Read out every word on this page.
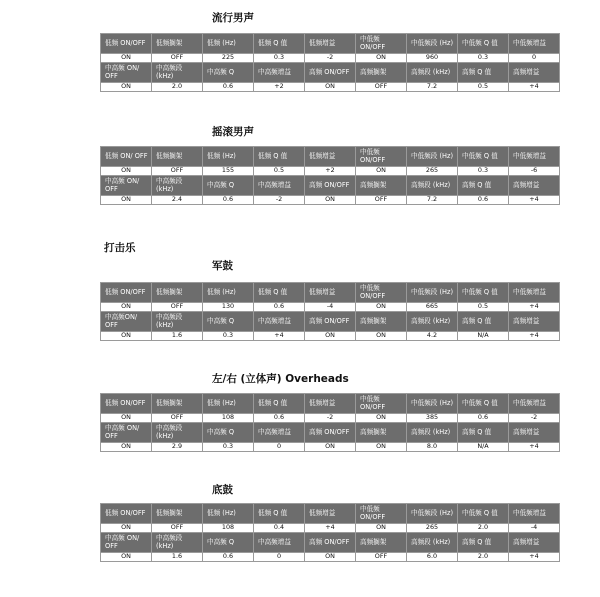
流行男声
摇滚男声
打击乐
军鼓
左/右 (立体声) Overheads
底鼓
低频 ON/OFF	低频搁架	低频 (Hz)	低频 Q 值	低频增益	中低频 ON/OFF	中低频段 (Hz)	中低频 Q 值	中低频增益
ON	OFF	225	0.3	-2	ON	960	0.3	0
中高频 ON/ OFF	中高频段 (kHz)	中高频 Q	中高频增益	高频 ON/OFF	高频搁架	高频段 (kHz)	高频 Q 值	高频增益
ON	2.0	0.6	+2	ON	OFF	7.2	0.5	+4
低频 ON/ OFF	低频搁架	低频 (Hz)	低频 Q 值	低频增益	中低频 ON/OFF	中低频段 (Hz)	中低频 Q 值	中低频增益
ON	OFF	155	0.5	+2	ON	265	0.3	-6
中高频 ON/ OFF	中高频段 (kHz)	中高频 Q	中高频增益	高频 ON/OFF	高频搁架	高频段 (kHz)	高频 Q 值	高频增益
ON	2.4	0.6	-2	ON	OFF	7.2	0.6	+4
低频 ON/OFF	低频搁架	低频 (Hz)	低频 Q 值	低频增益	中低频 ON/OFF	中低频段 (Hz)	中低频 Q 值	中低频增益
ON	OFF	130	0.6	-4	ON	665	0.5	+4
中高频ON/ OFF	中高频段 (kHz)	中高频 Q	中高频增益	高频 ON/OFF	高频搁架	高频段 (kHz)	高频 Q 值	高频增益
ON	1.6	0.3	+4	ON	ON	4.2	N/A	+4
低频 ON/OFF	低频搁架	低频 (Hz)	低频 Q 值	低频增益	中低频 ON/OFF	中低频段 (Hz)	中低频 Q 值	中低频增益
ON	OFF	108	0.6	-2	ON	385	0.6	-2
中高频 ON/ OFF	中高频段 (kHz)	中高频 Q	中高频增益	高频 ON/OFF	高频搁架	高频段 (kHz)	高频 Q 值	高频增益
ON	2.9	0.3	0	ON	ON	8.0	N/A	+4
低频 ON/OFF	低频搁架	低频 (Hz)	低频 Q 值	低频增益	中低频 ON/OFF	中低频段 (Hz)	中低频 Q 值	中低频增益
ON	OFF	108	0.4	+4	ON	265	2.0	-4
中高频 ON/ OFF	中高频段 (kHz)	中高频 Q	中高频增益	高频 ON/OFF	高频搁架	高频段 (kHz)	高频 Q 值	高频增益
ON	1.6	0.6	0	ON	OFF	6.0	2.0	+4
